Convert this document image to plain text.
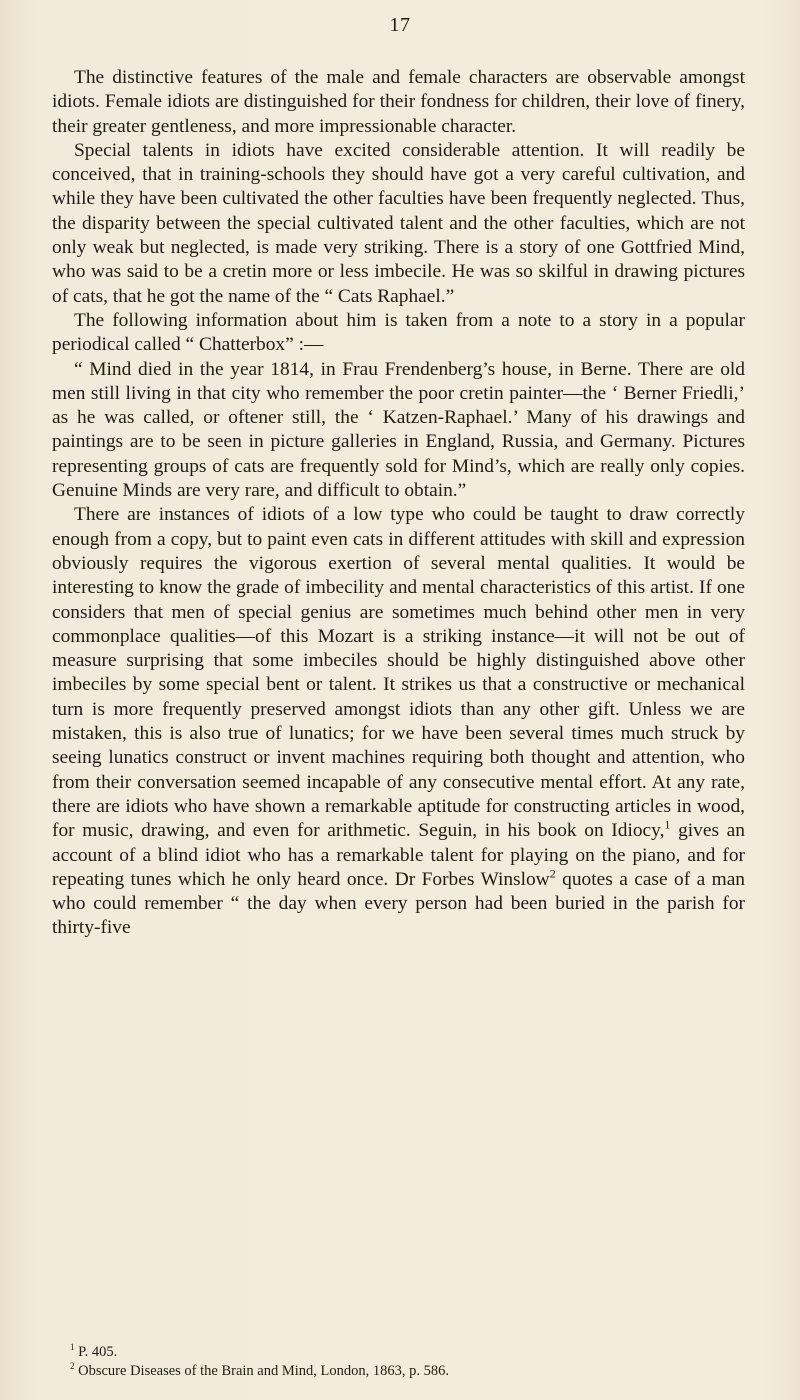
17

The distinctive features of the male and female characters are observable amongst idiots. Female idiots are distinguished for their fondness for children, their love of finery, their greater gentleness, and more impressionable character.

Special talents in idiots have excited considerable attention. It will readily be conceived, that in training-schools they should have got a very careful cultivation, and while they have been cultivated the other faculties have been frequently neglected. Thus, the disparity between the special cultivated talent and the other faculties, which are not only weak but neglected, is made very striking. There is a story of one Gottfried Mind, who was said to be a cretin more or less imbecile. He was so skilful in drawing pictures of cats, that he got the name of the “ Cats Raphael.”

The following information about him is taken from a note to a story in a popular periodical called “ Chatterbox” :—

“ Mind died in the year 1814, in Frau Frendenberg’s house, in Berne. There are old men still living in that city who remember the poor cretin painter—the ‘ Berner Friedli,’ as he was called, or oftener still, the ‘ Katzen-Raphael.’ Many of his drawings and paintings are to be seen in picture galleries in England, Russia, and Germany. Pictures representing groups of cats are frequently sold for Mind’s, which are really only copies. Genuine Minds are very rare, and difficult to obtain.”

There are instances of idiots of a low type who could be taught to draw correctly enough from a copy, but to paint even cats in different attitudes with skill and expression obviously requires the vigorous exertion of several mental qualities. It would be interesting to know the grade of imbecility and mental characteristics of this artist. If one considers that men of special genius are sometimes much behind other men in very commonplace qualities—of this Mozart is a striking instance—it will not be out of measure surprising that some imbeciles should be highly distinguished above other imbeciles by some special bent or talent. It strikes us that a constructive or mechanical turn is more frequently preserved amongst idiots than any other gift. Unless we are mistaken, this is also true of lunatics; for we have been several times much struck by seeing lunatics construct or invent machines requiring both thought and attention, who from their conversation seemed incapable of any consecutive mental effort. At any rate, there are idiots who have shown a remarkable aptitude for constructing articles in wood, for music, drawing, and even for arithmetic. Seguin, in his book on Idiocy,$^1$ gives an account of a blind idiot who has a remarkable talent for playing on the piano, and for repeating tunes which he only heard once. Dr Forbes Winslow$^2$ quotes a case of a man who could remember “ the day when every person had been buried in the parish for thirty-five

$^1$ P. 405.
$^2$ Obscure Diseases of the Brain and Mind, London, 1863, p. 586.
